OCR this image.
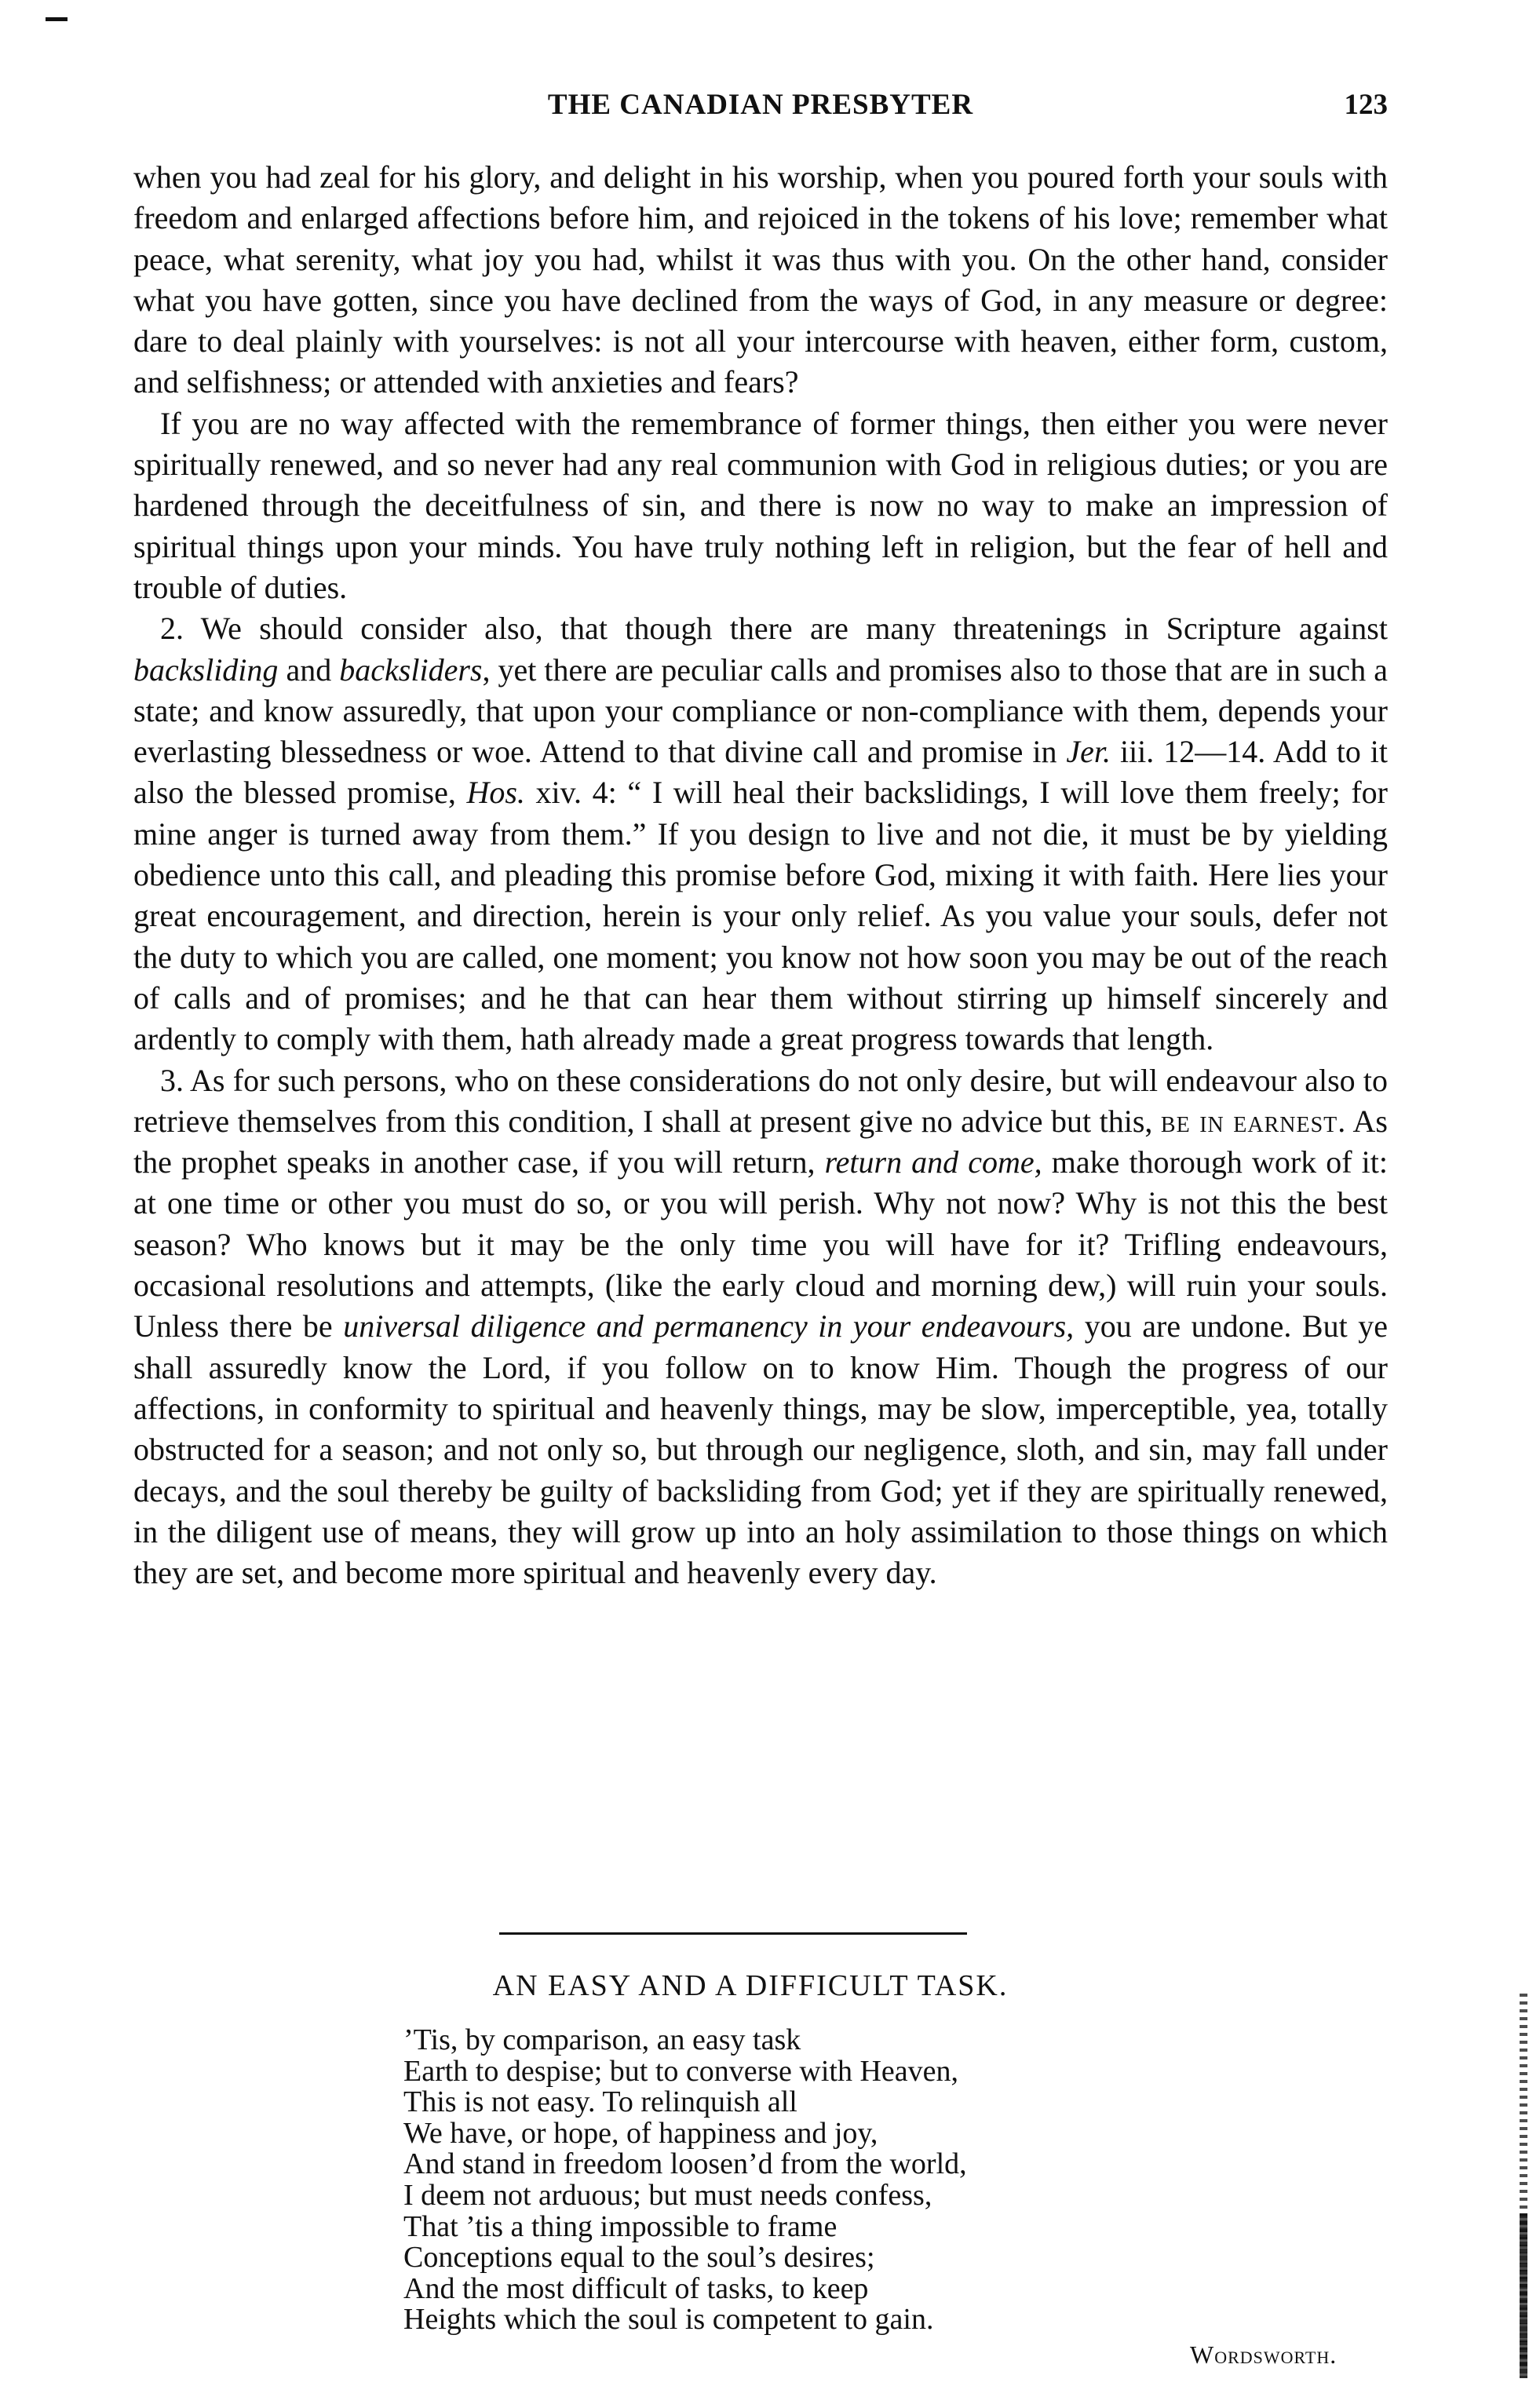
THE CANADIAN PRESBYTER	123

when you had zeal for his glory, and delight in his worship, when you poured forth your souls with freedom and enlarged affections before him, and rejoiced in the tokens of his love; remember what peace, what serenity, what joy you had, whilst it was thus with you. On the other hand, consider what you have gotten, since you have declined from the ways of God, in any measure or degree: dare to deal plainly with yourselves: is not all your intercourse with heaven, either form, custom, and selfishness; or attended with anxieties and fears?

If you are no way affected with the remembrance of former things, then either you were never spiritually renewed, and so never had any real communion with God in religious duties; or you are hardened through the deceitfulness of sin, and there is now no way to make an impression of spiritual things upon your minds. You have truly nothing left in religion, but the fear of hell and trouble of duties.

2. We should consider also, that though there are many threatenings in Scripture against backsliding and backsliders, yet there are peculiar calls and promises also to those that are in such a state; and know assuredly, that upon your compliance or non-compliance with them, depends your everlasting blessedness or woe. Attend to that divine call and promise in Jer. iii. 12—14. Add to it also the blessed promise, Hos. xiv. 4: “ I will heal their backslidings, I will love them freely; for mine anger is turned away from them.” If you design to live and not die, it must be by yielding obedience unto this call, and pleading this promise before God, mixing it with faith. Here lies your great encouragement, and direction, herein is your only relief. As you value your souls, defer not the duty to which you are called, one moment; you know not how soon you may be out of the reach of calls and of promises; and he that can hear them without stirring up himself sincerely and ardently to comply with them, hath already made a great progress towards that length.

3. As for such persons, who on these considerations do not only desire, but will endeavour also to retrieve themselves from this condition, I shall at present give no advice but this, be in earnest. As the prophet speaks in another case, if you will return, return and come, make thorough work of it: at one time or other you must do so, or you will perish. Why not now? Why is not this the best season? Who knows but it may be the only time you will have for it? Trifling endeavours, occasional resolutions and attempts, (like the early cloud and morning dew,) will ruin your souls. Unless there be universal diligence and permanency in your endeavours, you are undone. But ye shall assuredly know the Lord, if you follow on to know Him. Though the progress of our affections, in conformity to spiritual and heavenly things, may be slow, imperceptible, yea, totally obstructed for a season; and not only so, but through our negligence, sloth, and sin, may fall under decays, and the soul thereby be guilty of backsliding from God; yet if they are spiritually renewed, in the diligent use of means, they will grow up into an holy assimilation to those things on which they are set, and become more spiritual and heavenly every day.

AN EASY AND A DIFFICULT TASK.
’Tis, by comparison, an easy task
Earth to despise; but to converse with Heaven,
This is not easy. To relinquish all
We have, or hope, of happiness and joy,
And stand in freedom loosen’d from the world,
I deem not arduous; but must needs confess,
That ’tis a thing impossible to frame
Conceptions equal to the soul’s desires;
And the most difficult of tasks, to keep
Heights which the soul is competent to gain.
Wordsworth.
